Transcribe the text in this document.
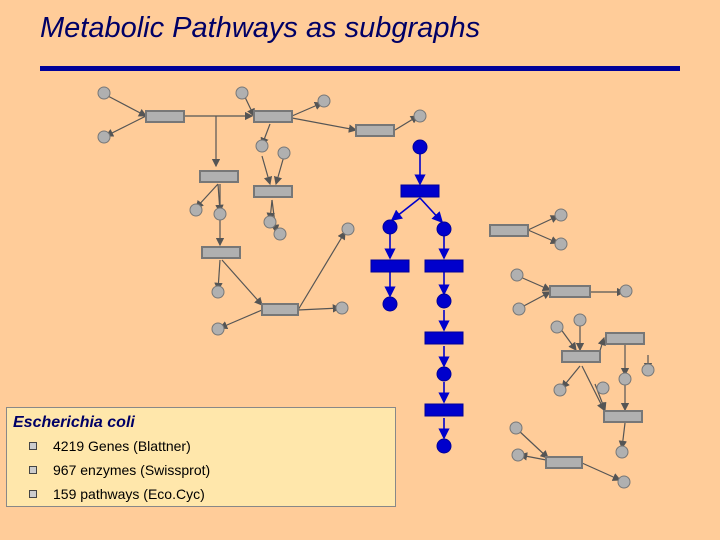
Metabolic Pathways as subgraphs
Escherichia coli
4219 Genes (Blattner)
967 enzymes (Swissprot)
159 pathways (Eco.Cyc)
